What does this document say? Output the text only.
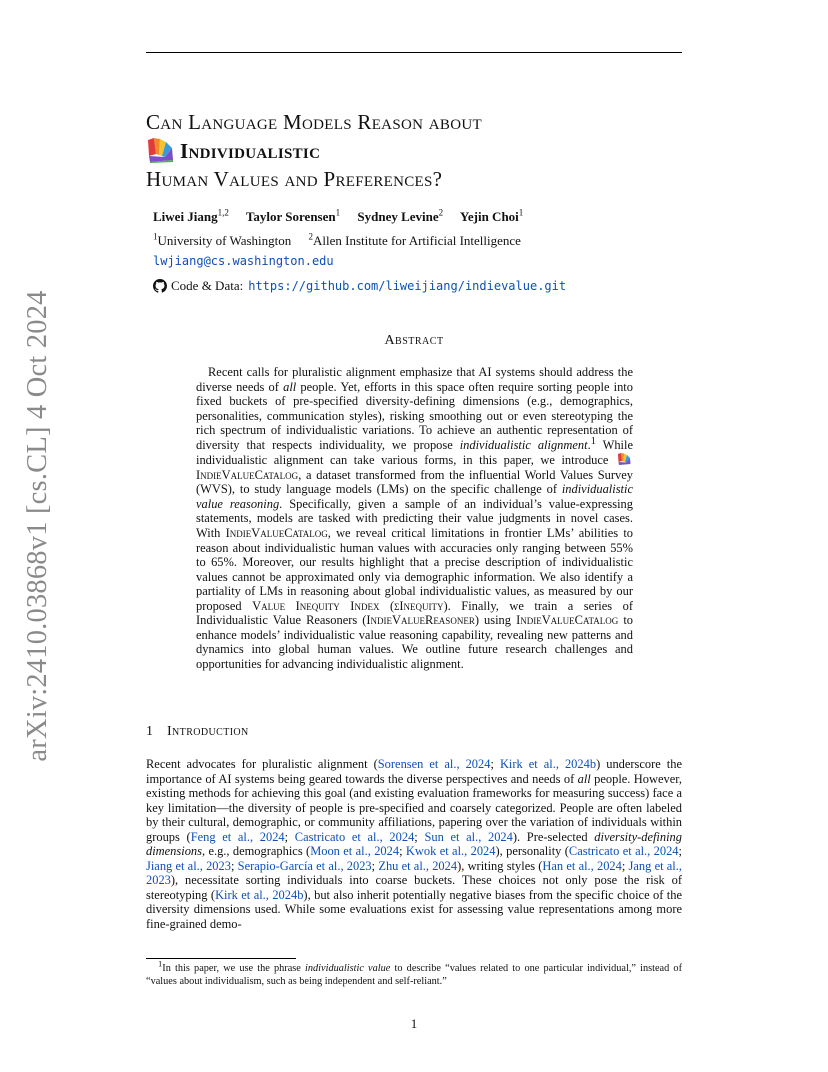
arXiv:2410.03868v1 [cs.CL] 4 Oct 2024
Can Language Models Reason about
Individualistic
Human Values and Preferences?
Liwei Jiang$^{1,2}$ Taylor Sorensen$^1$ Sydney Levine$^2$ Yejin Choi$^1$
$^1$University of Washington $^2$Allen Institute for Artificial Intelligence
lwjiang@cs.washington.edu
Code & Data: https://github.com/liweijiang/indievalue.git
Abstract

Recent calls for pluralistic alignment emphasize that AI systems should address the diverse needs of all people. Yet, efforts in this space often require sorting people into fixed buckets of pre-specified diversity-defining dimensions (e.g., demographics, personalities, communication styles), risking smoothing out or even stereotyping the rich spectrum of individualistic variations. To achieve an authentic representation of diversity that respects individuality, we propose individualistic alignment.$^1$ While individualistic alignment can take various forms, in this paper, we introduce IndieValueCatalog, a dataset transformed from the influential World Values Survey (WVS), to study language models (LMs) on the specific challenge of individualistic value reasoning. Specifically, given a sample of an individual’s value-expressing statements, models are tasked with predicting their value judgments in novel cases. With IndieValueCatalog, we reveal critical limitations in frontier LMs’ abilities to reason about individualistic human values with accuracies only ranging between 55% to 65%. Moreover, our results highlight that a precise description of individualistic values cannot be approximated only via demographic information. We also identify a partiality of LMs in reasoning about global individualistic values, as measured by our proposed Value Inequity Index (σInequity). Finally, we train a series of Individualistic Value Reasoners (IndieValueReasoner) using IndieValueCatalog to enhance models’ individualistic value reasoning capability, revealing new patterns and dynamics into global human values. We outline future research challenges and opportunities for advancing individualistic alignment.

1 Introduction

Recent advocates for pluralistic alignment (Sorensen et al., 2024; Kirk et al., 2024b) underscore the importance of AI systems being geared towards the diverse perspectives and needs of all people. However, existing methods for achieving this goal (and existing evaluation frameworks for measuring success) face a key limitation—the diversity of people is pre-specified and coarsely categorized. People are often labeled by their cultural, demographic, or community affiliations, papering over the variation of individuals within groups (Feng et al., 2024; Castricato et al., 2024; Sun et al., 2024). Pre-selected diversity-defining dimensions, e.g., demographics (Moon et al., 2024; Kwok et al., 2024), personality (Castricato et al., 2024; Jiang et al., 2023; Serapio-García et al., 2023; Zhu et al., 2024), writing styles (Han et al., 2024; Jang et al., 2023), necessitate sorting individuals into coarse buckets. These choices not only pose the risk of stereotyping (Kirk et al., 2024b), but also inherit potentially negative biases from the specific choice of the diversity dimensions used. While some evaluations exist for assessing value representations among more fine-grained demo-

$^1$In this paper, we use the phrase individualistic value to describe “values related to one particular individual,” instead of “values about individualism, such as being independent and self-reliant.”
1
